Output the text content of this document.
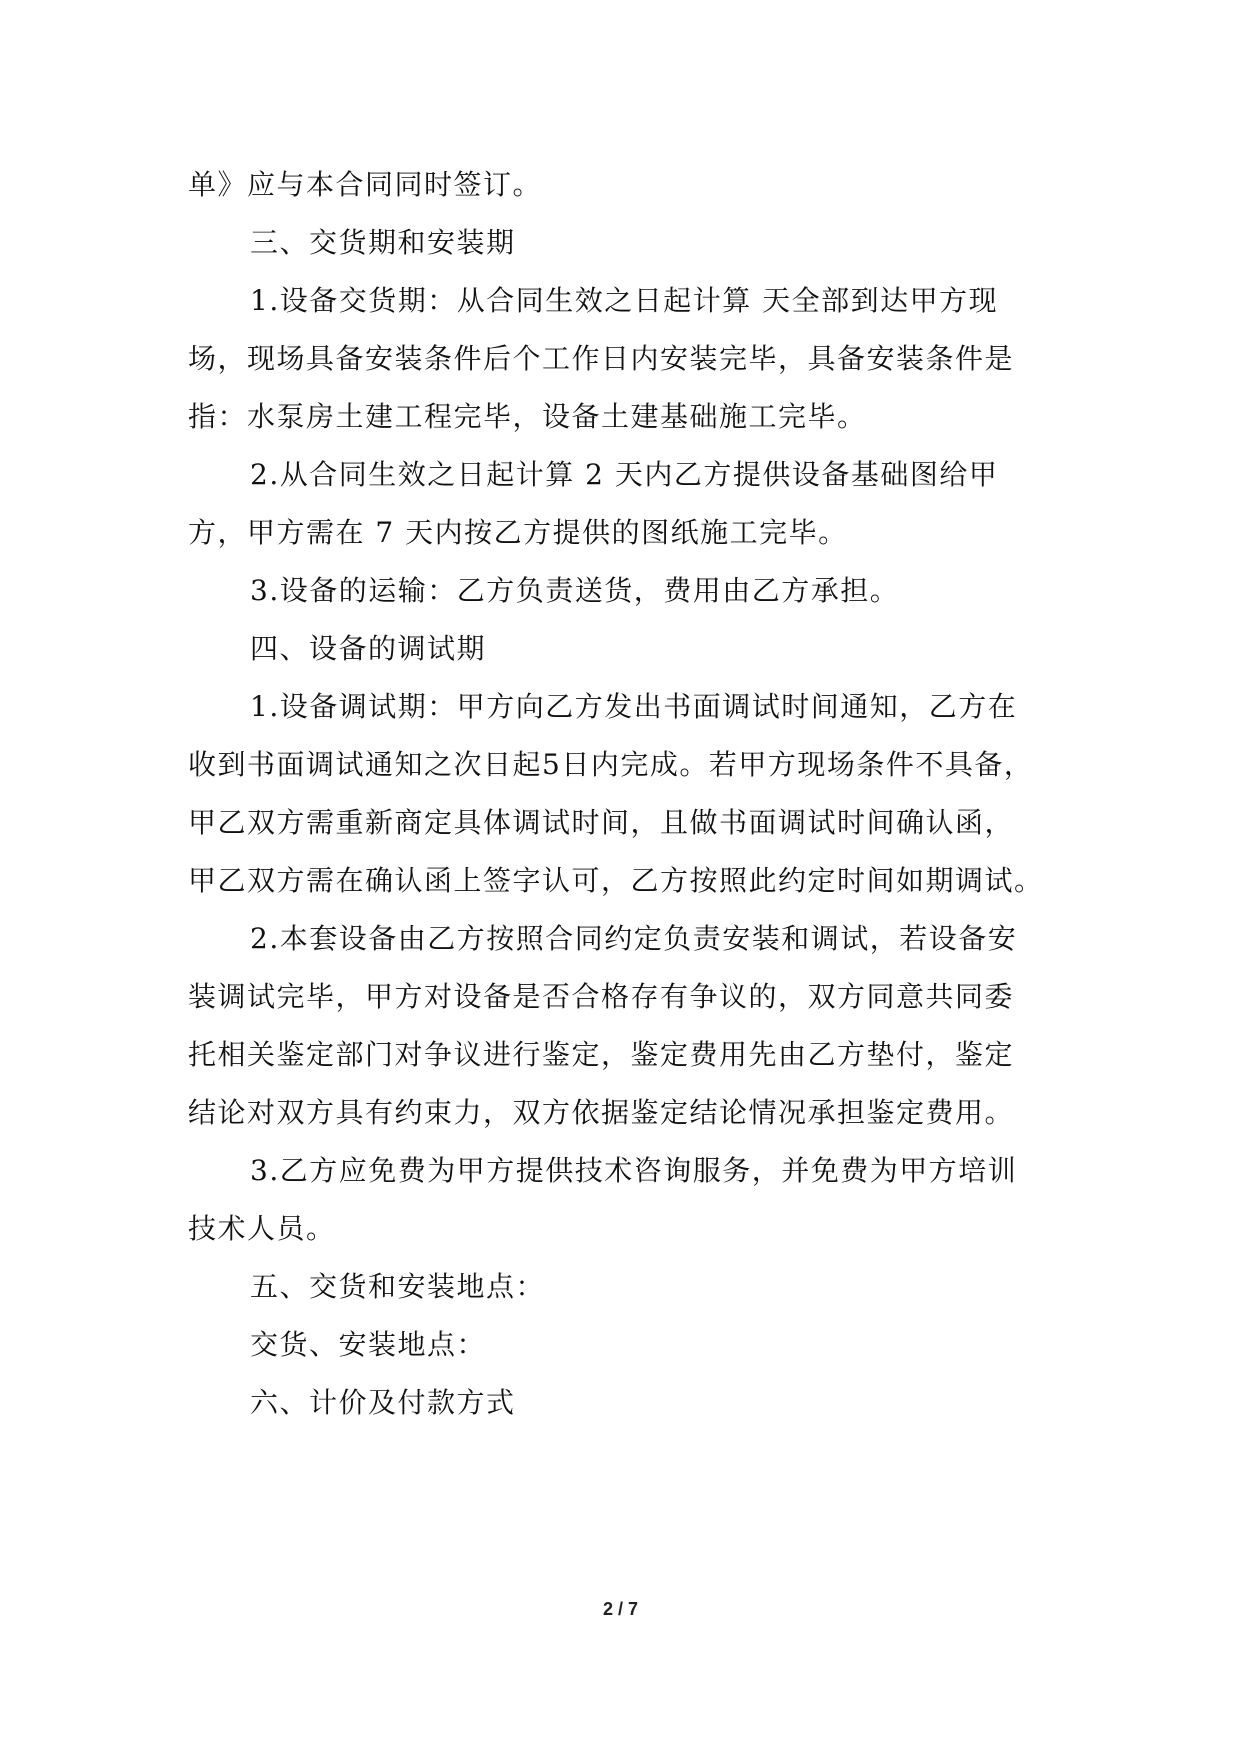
单》应与本合同同时签订。
三、交货期和安装期
1.设备交货期：从合同生效之日起计算 天全部到达甲方现
场，现场具备安装条件后个工作日内安装完毕，具备安装条件是
指：水泵房土建工程完毕，设备土建基础施工完毕。
2.从合同生效之日起计算 2 天内乙方提供设备基础图给甲
方，甲方需在 7 天内按乙方提供的图纸施工完毕。
3.设备的运输：乙方负责送货，费用由乙方承担。
四、设备的调试期
1.设备调试期：甲方向乙方发出书面调试时间通知，乙方在
收到书面调试通知之次日起5日内完成。若甲方现场条件不具备，
甲乙双方需重新商定具体调试时间，且做书面调试时间确认函，
甲乙双方需在确认函上签字认可，乙方按照此约定时间如期调试。
2.本套设备由乙方按照合同约定负责安装和调试，若设备安
装调试完毕，甲方对设备是否合格存有争议的，双方同意共同委
托相关鉴定部门对争议进行鉴定，鉴定费用先由乙方垫付，鉴定
结论对双方具有约束力，双方依据鉴定结论情况承担鉴定费用。
3.乙方应免费为甲方提供技术咨询服务，并免费为甲方培训
技术人员。
五、交货和安装地点：
交货、安装地点：
六、计价及付款方式
2 / 7
